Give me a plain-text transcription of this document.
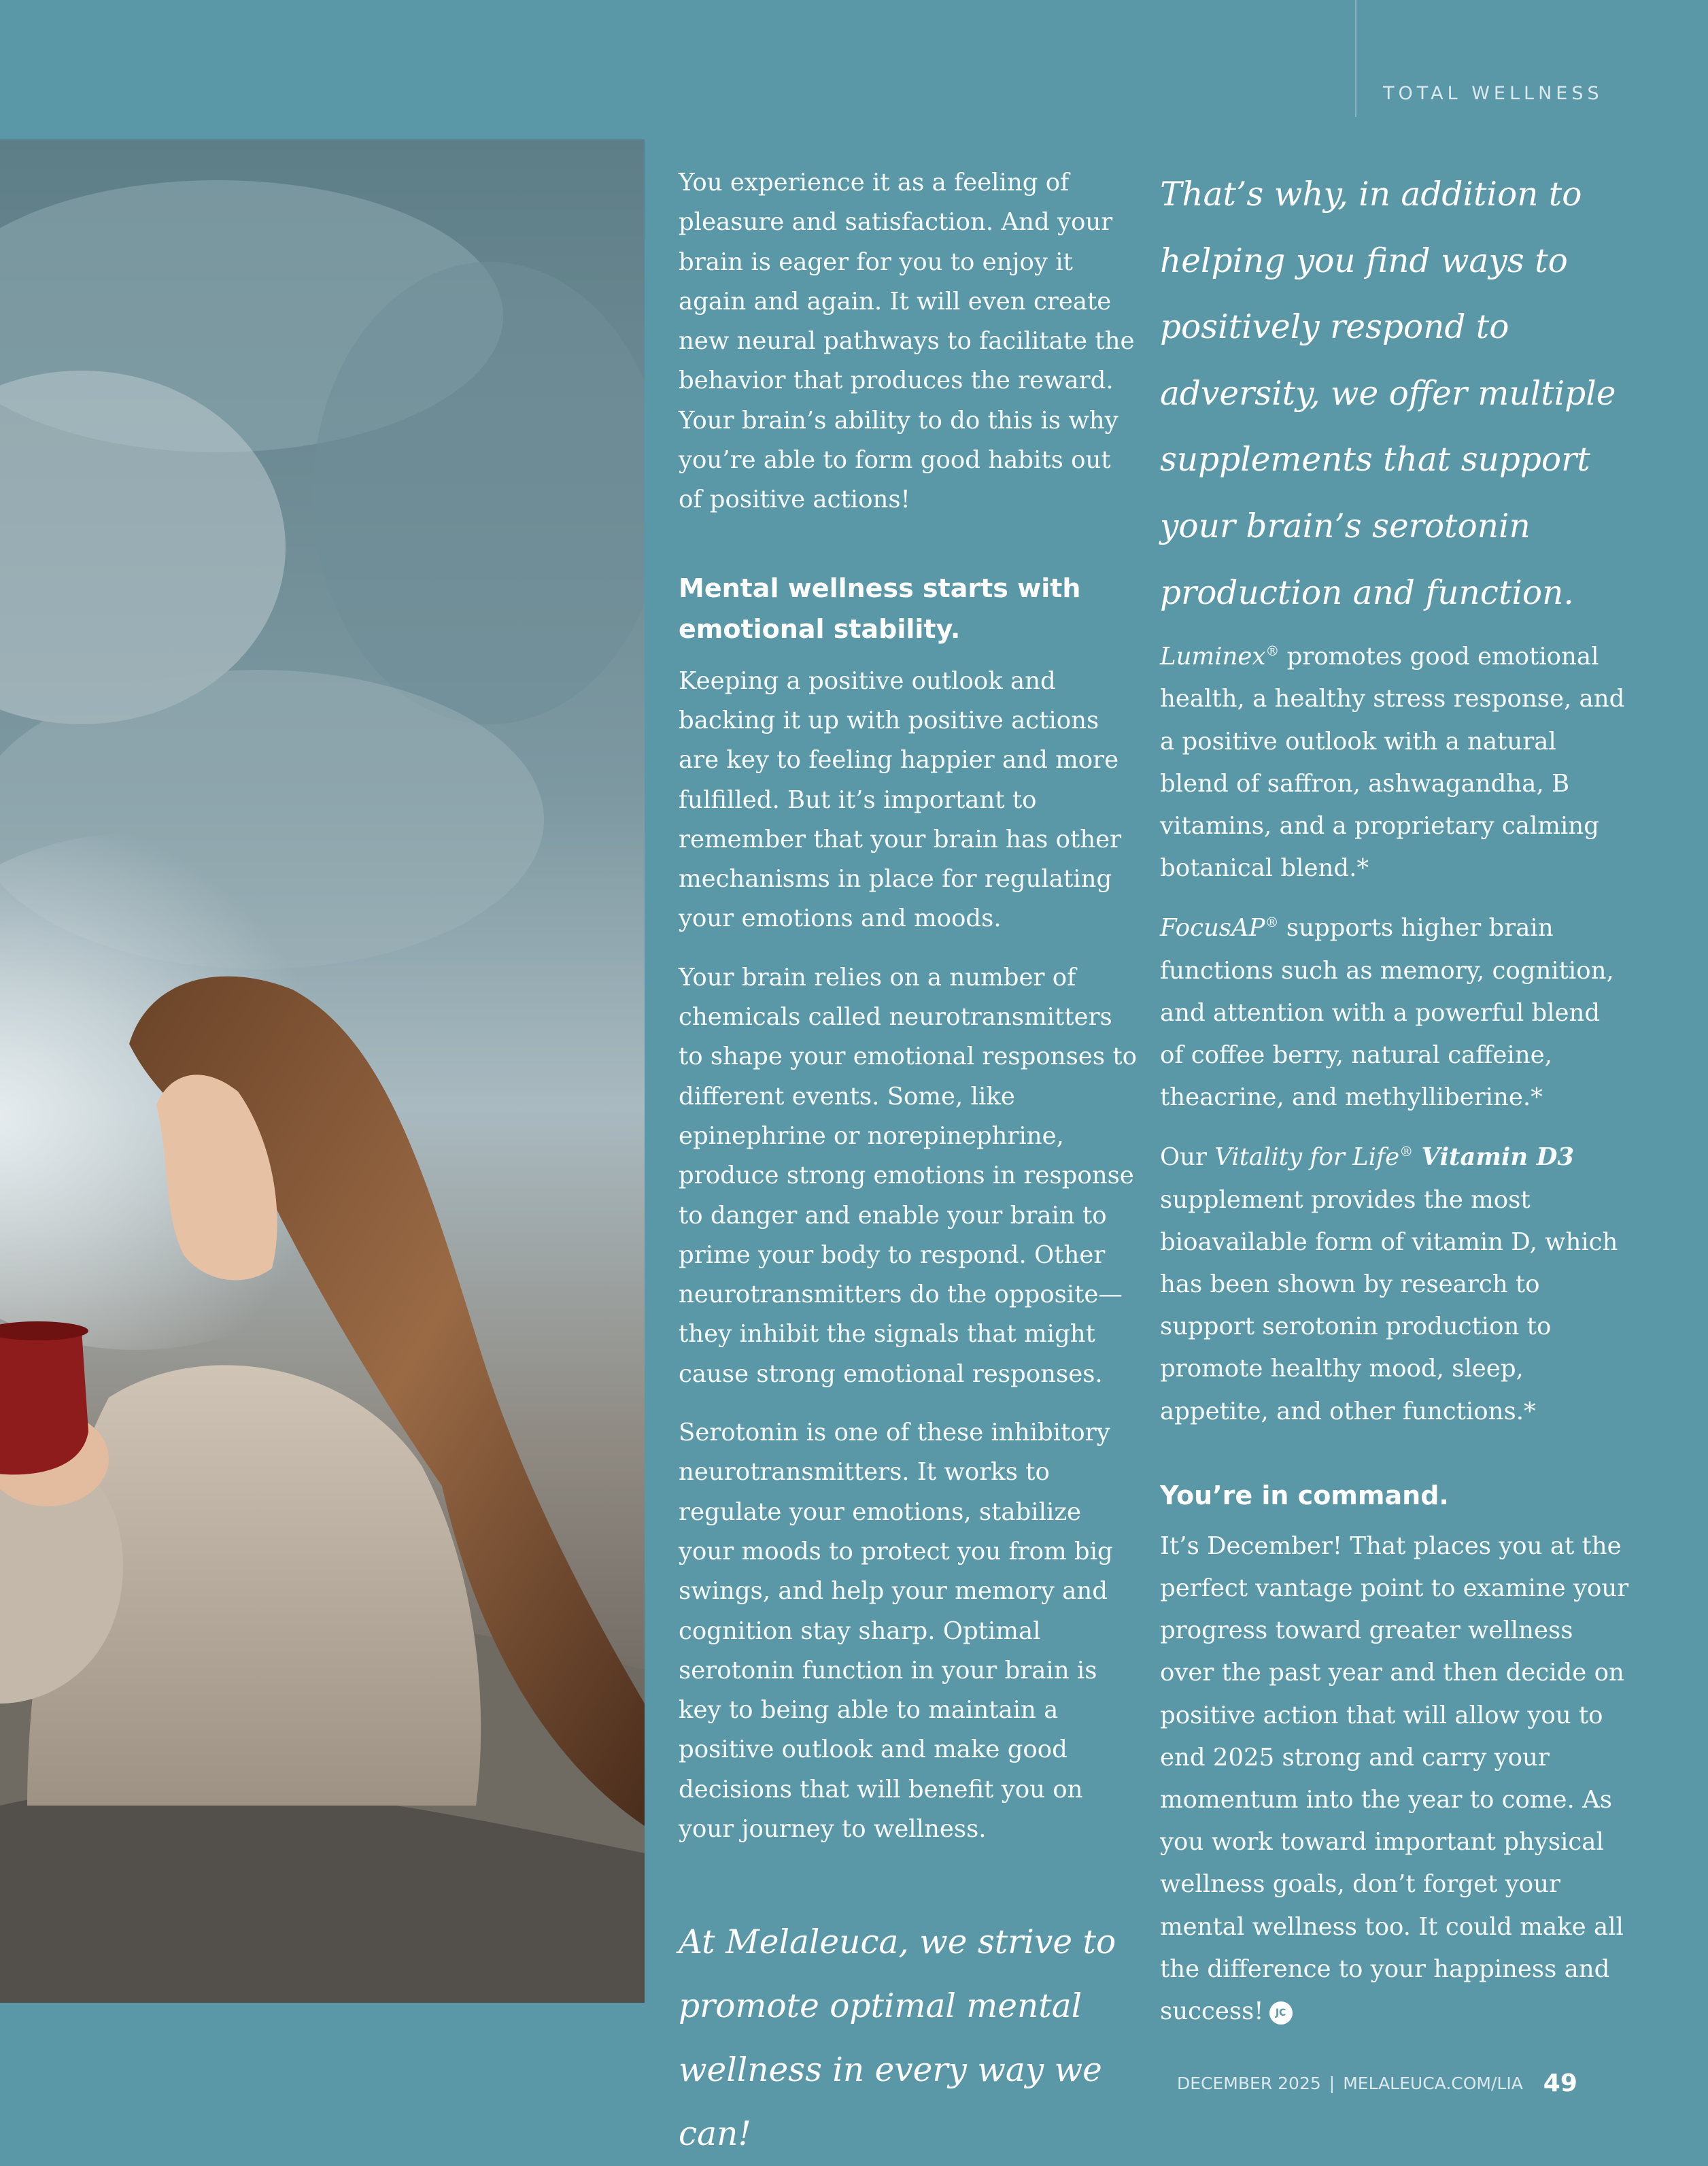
TOTAL WELLNESS

You experience it as a feeling of pleasure and satisfaction. And your brain is eager for you to enjoy it again and again. It will even create new neural pathways to facilitate the behavior that produces the reward. Your brain’s ability to do this is why you’re able to form good habits out of positive actions!

Mental wellness starts with emotional stability.

Keeping a positive outlook and backing it up with positive actions are key to feeling happier and more fulfilled. But it’s important to remember that your brain has other mechanisms in place for regulating your emotions and moods.

Your brain relies on a number of chemicals called neurotransmitters to shape your emotional responses to different events. Some, like epinephrine or norepinephrine, produce strong emotions in response to danger and enable your brain to prime your body to respond. Other neurotransmitters do the opposite—they inhibit the signals that might cause strong emotional responses.

Serotonin is one of these inhibitory neurotransmitters. It works to regulate your emotions, stabilize your moods to protect you from big swings, and help your memory and cognition stay sharp. Optimal serotonin function in your brain is key to being able to maintain a positive outlook and make good decisions that will benefit you on your journey to wellness.

At Melaleuca, we strive to promote optimal mental wellness in every way we can!

That’s why, in addition to helping you find ways to positively respond to adversity, we offer multiple supplements that support your brain’s serotonin production and function.

Luminex® promotes good emotional health, a healthy stress response, and a positive outlook with a natural blend of saffron, ashwagandha, B vitamins, and a proprietary calming botanical blend.*

FocusAP® supports higher brain functions such as memory, cognition, and attention with a powerful blend of coffee berry, natural caffeine, theacrine, and methylliberine.*

Our Vitality for Life® Vitamin D3 supplement provides the most bioavailable form of vitamin D, which has been shown by research to support serotonin production to promote healthy mood, sleep, appetite, and other functions.*

You’re in command.

It’s December! That places you at the perfect vantage point to examine your progress toward greater wellness over the past year and then decide on positive action that will allow you to end 2025 strong and carry your momentum into the year to come. As you work toward important physical wellness goals, don’t forget your mental wellness too. It could make all the difference to your happiness and success! JC

DECEMBER 2025 | MELALEUCA.COM/LIA 49
